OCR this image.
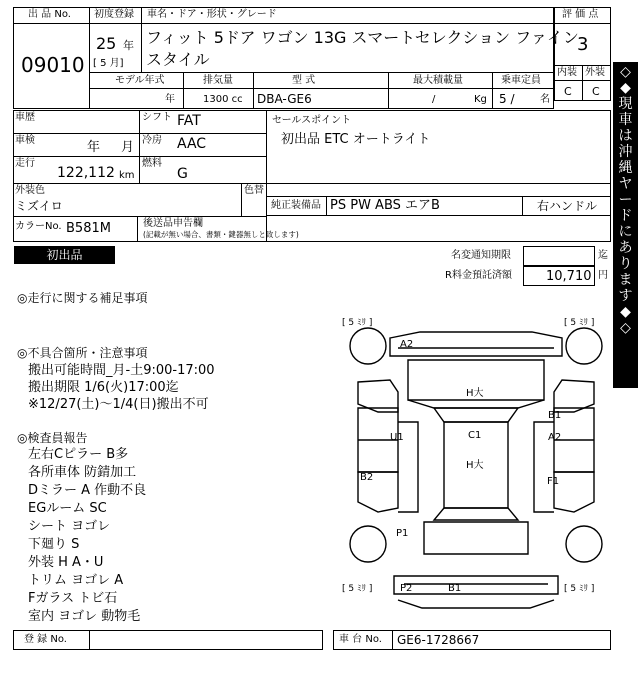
出 品 No.
09010
初度登録
25 年
[ 5 月]
車名・ドア・形状・グレード
フィット 5ドア ワゴン 13G スマートセレクション ファイン
スタイル
評 価 点
3
内装 外装
C C
モデル年式
年
排気量
1300 cc
型 式
DBA-GE6
最大積載量
/	Kg
乗車定員
5 /	名
車歴
車検	年 月
走行
122,112 km
シフト FAT
冷房 AAC
燃料
G
外装色
ミズイロ
色替
カラーNo. B581M	後送品申告欄
(記載が無い場合、書類・鍵器無しと致します)
セールスポイント
初出品 ETC オートライト
純正装備品 PS PW ABS エアB	右ハンドル
◇
◆
現
車
は
沖
縄
ヤ
ー
ド
に
あ
り
ま
す
◆
◇
初出品	名変通知期限	迄
R料金預託済額	10,710 円
◎走行に関する補足事項
◎不具合箇所・注意事項
搬出可能時間_月-土9:00-17:00
搬出期限 1/6(火)17:00迄
※12/27(土)～1/4(日)搬出不可
◎検査員報告
左右Cピラー B多
各所車体 防錆加工
Dミラー A 作動不良
EGルーム SC
シート ヨゴレ
下廻り S
外装 H A・U
トリム ヨゴレ A
Fガラス トビ石
室内 ヨゴレ 動物毛
[ 5 ﾐﾘ ]	[ 5 ﾐﾘ ]
[ 5 ﾐﾘ ]	[ 5 ﾐﾘ ]
A2
H大
U1	C1
H大
B1
A2
F1
B2
P1
P2	B1
登 録 No.	車 台 No. GE6-1728667
